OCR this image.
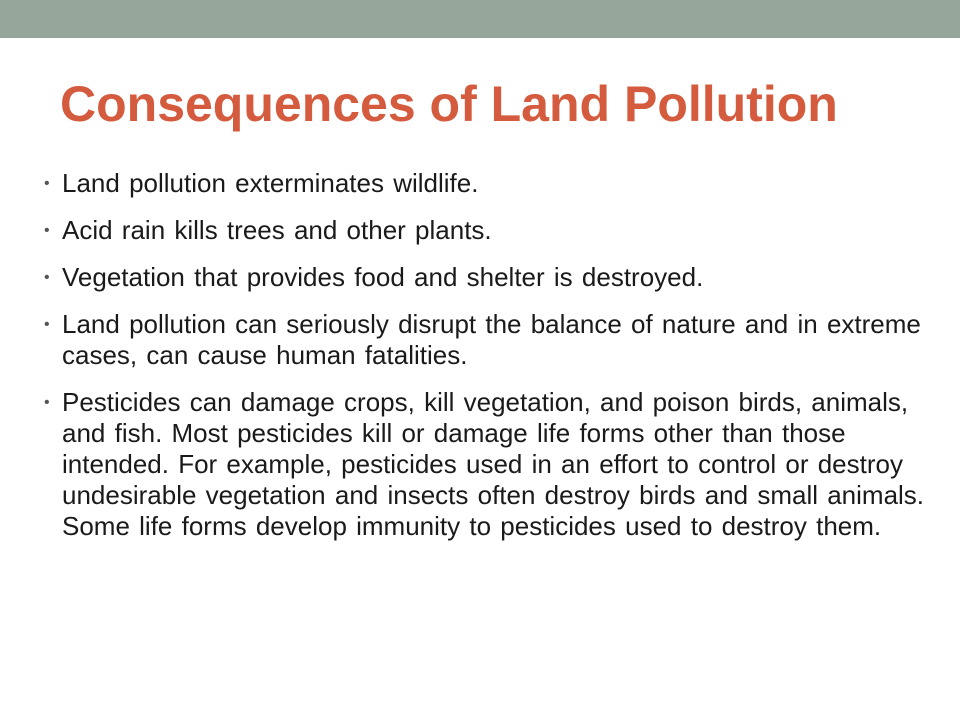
Consequences of Land Pollution
• Land pollution exterminates wildlife.
• Acid rain kills trees and other plants.
• Vegetation that provides food and shelter is destroyed.
• Land pollution can seriously disrupt the balance of nature and in extreme cases, can cause human fatalities.
• Pesticides can damage crops, kill vegetation, and poison birds, animals, and fish. Most pesticides kill or damage life forms other than those intended. For example, pesticides used in an effort to control or destroy undesirable vegetation and insects often destroy birds and small animals. Some life forms develop immunity to pesticides used to destroy them.
